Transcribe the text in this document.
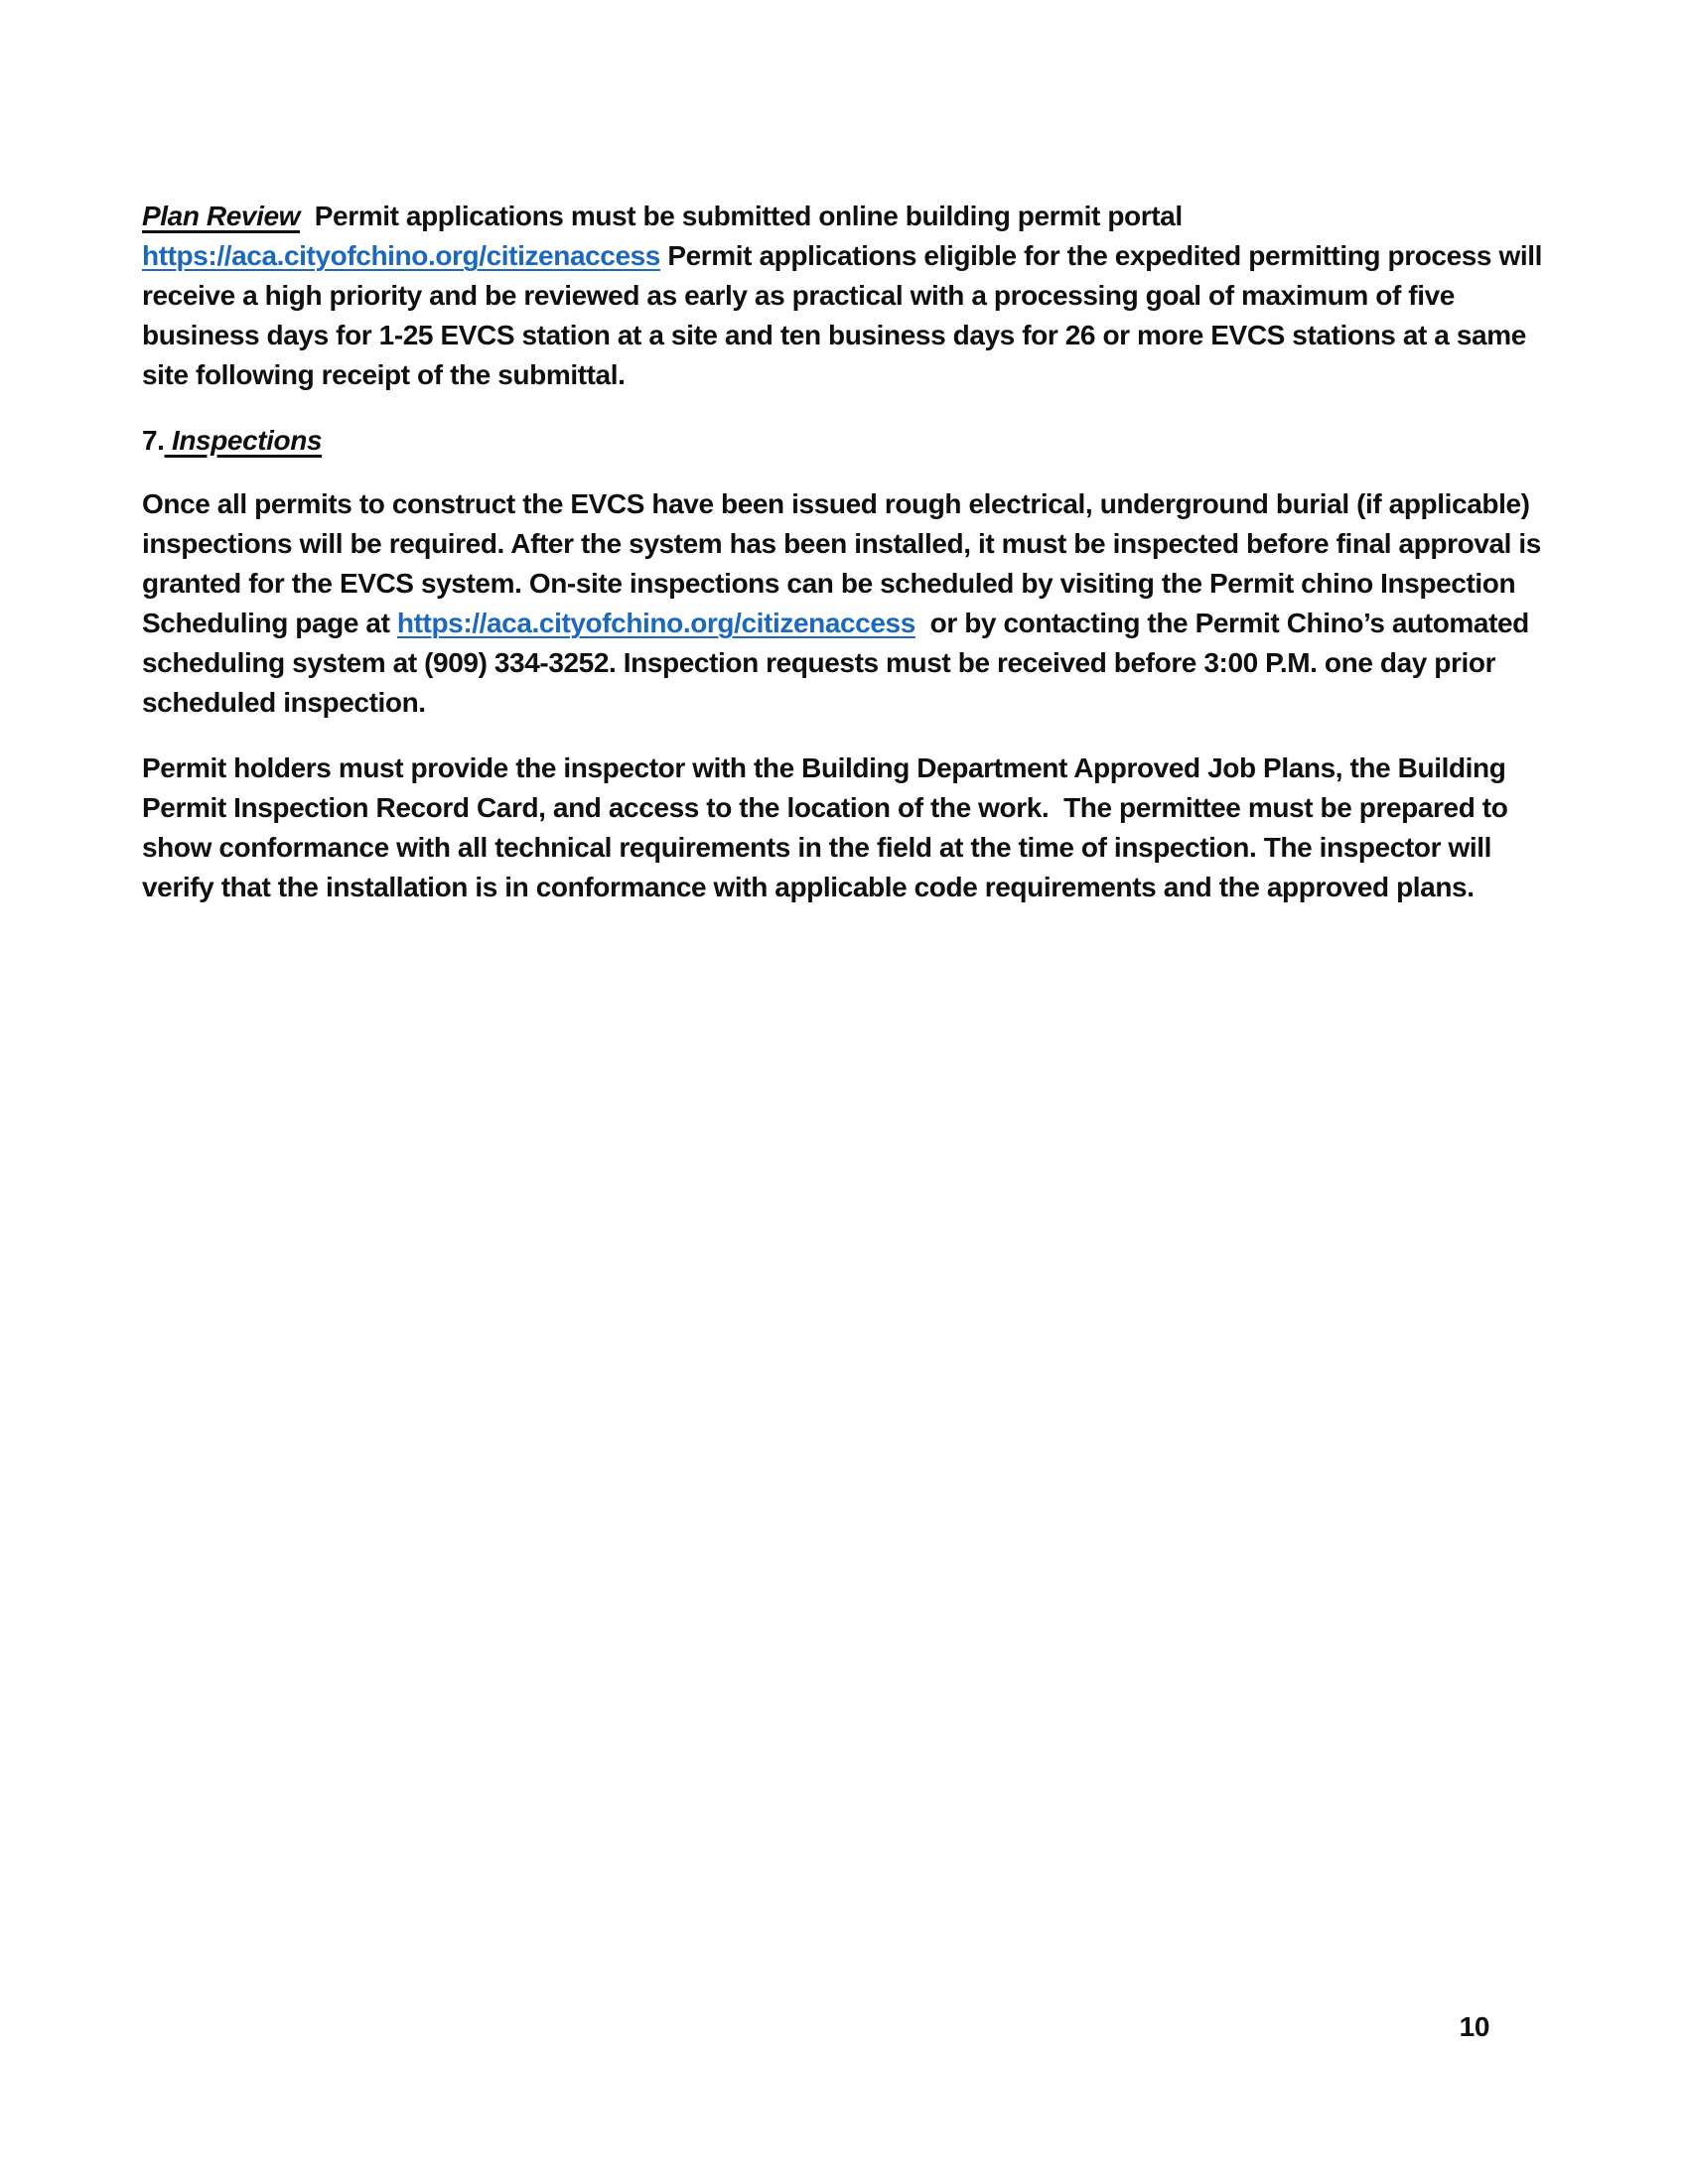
Plan Review  Permit applications must be submitted online building permit portal https://aca.cityofchino.org/citizenaccess Permit applications eligible for the expedited permitting process will receive a high priority and be reviewed as early as practical with a processing goal of maximum of five business days for 1-25 EVCS station at a site and ten business days for 26 or more EVCS stations at a same site following receipt of the submittal.

7. Inspections

Once all permits to construct the EVCS have been issued rough electrical, underground burial (if applicable) inspections will be required. After the system has been installed, it must be inspected before final approval is granted for the EVCS system. On-site inspections can be scheduled by visiting the Permit chino Inspection Scheduling page at https://aca.cityofchino.org/citizenaccess  or by contacting the Permit Chino’s automated scheduling system at (909) 334-3252. Inspection requests must be received before 3:00 P.M. one day prior scheduled inspection.

Permit holders must provide the inspector with the Building Department Approved Job Plans, the Building Permit Inspection Record Card, and access to the location of the work.  The permittee must be prepared to show conformance with all technical requirements in the field at the time of inspection. The inspector will verify that the installation is in conformance with applicable code requirements and the approved plans.

10
